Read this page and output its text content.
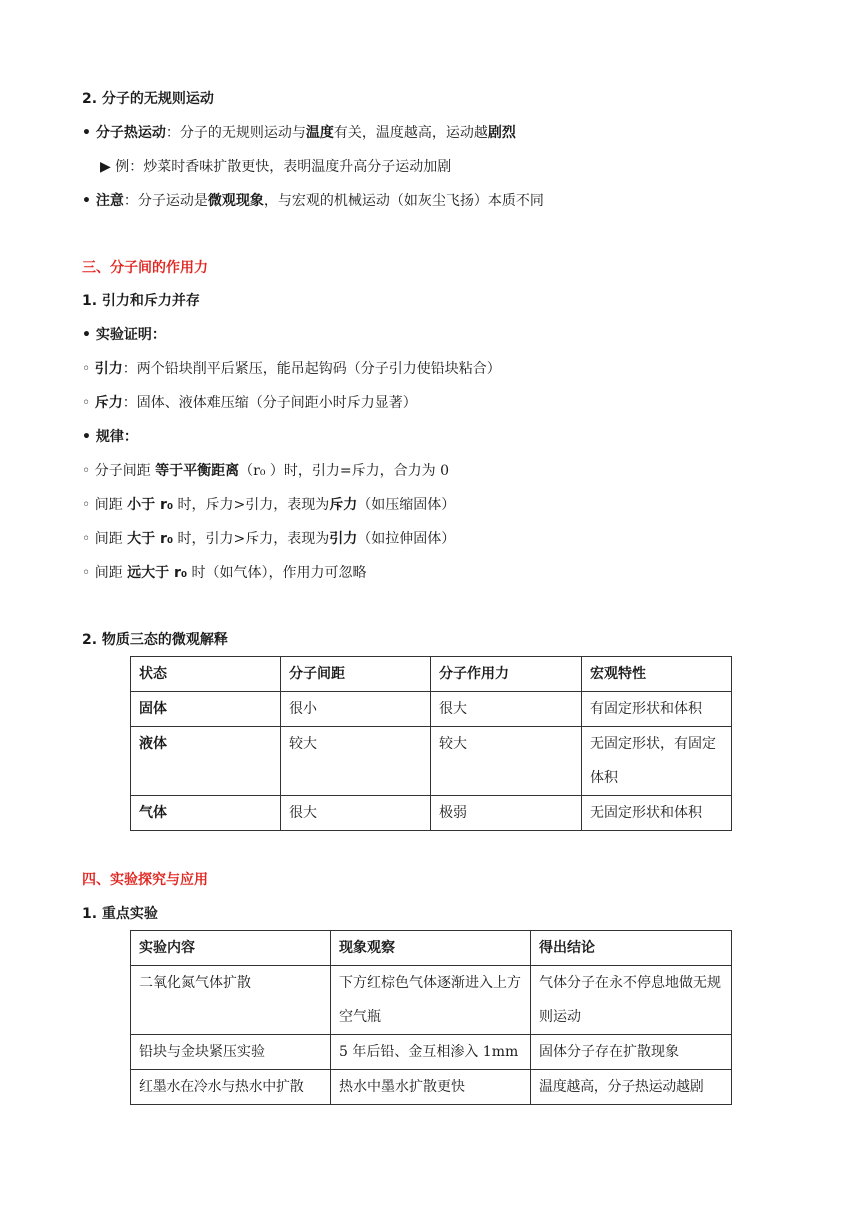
2. 分子的无规则运动
• 分子热运动：分子的无规则运动与温度有关，温度越高，运动越剧烈
▶ 例：炒菜时香味扩散更快，表明温度升高分子运动加剧
• 注意：分子运动是微观现象，与宏观的机械运动（如灰尘飞扬）本质不同
三、分子间的作用力
1. 引力和斥力并存
• 实验证明：
◦ 引力：两个铅块削平后紧压，能吊起钩码（分子引力使铅块粘合）
◦ 斥力：固体、液体难压缩（分子间距小时斥力显著）
• 规律：
◦ 分子间距 等于平衡距离（r₀ ）时，引力=斥力，合力为 0
◦ 间距 小于 r₀ 时，斥力>引力，表现为斥力（如压缩固体）
◦ 间距 大于 r₀ 时，引力>斥力，表现为引力（如拉伸固体）
◦ 间距 远大于 r₀ 时（如气体），作用力可忽略
2. 物质三态的微观解释
状态	分子间距	分子作用力	宏观特性
固体	很小	很大	有固定形状和体积
液体	较大	较大	无固定形状，有固定体积
气体	很大	极弱	无固定形状和体积
四、实验探究与应用
1. 重点实验
实验内容	现象观察	得出结论
二氧化氮气体扩散	下方红棕色气体逐渐进入上方空气瓶	气体分子在永不停息地做无规则运动
铅块与金块紧压实验	5 年后铅、金互相渗入 1mm	固体分子存在扩散现象
红墨水在冷水与热水中扩散	热水中墨水扩散更快	温度越高，分子热运动越剧
